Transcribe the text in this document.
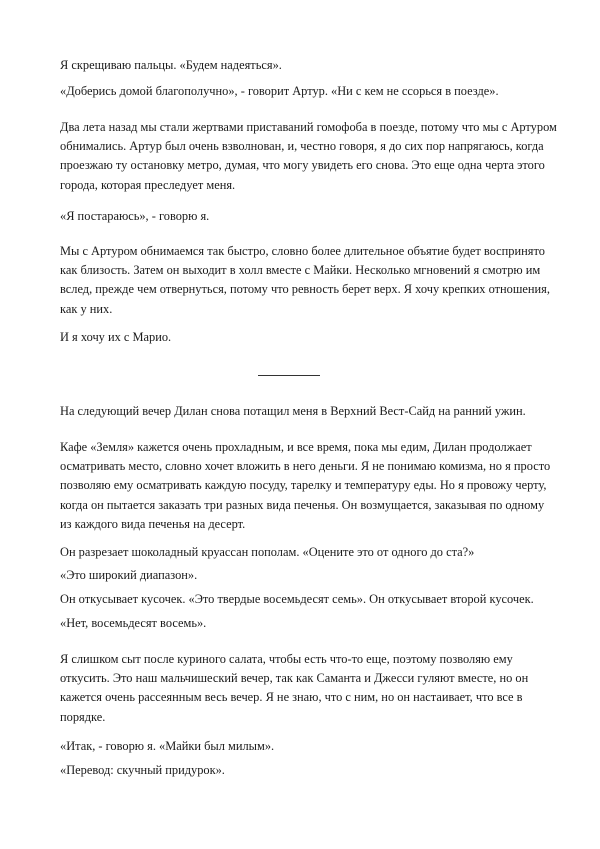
Я скрещиваю пальцы. «Будем надеяться».

«Доберись домой благополучно», - говорит Артур. «Ни с кем не ссорься в поезде».

Два лета назад мы стали жертвами приставаний гомофоба в поезде, потому что мы с Артуром
обнимались. Артур был очень взволнован, и, честно говоря, я до сих пор напрягаюсь, когда
проезжаю ту остановку метро, думая, что могу увидеть его снова. Это еще одна черта этого
города, которая преследует меня.

«Я постараюсь», - говорю я.

Мы с Артуром обнимаемся так быстро, словно более длительное объятие будет воспринято
как близость. Затем он выходит в холл вместе с Майки. Несколько мгновений я смотрю им
вслед, прежде чем отвернуться, потому что ревность берет верх. Я хочу крепких отношения,
как у них.

И я хочу их с Марио.

На следующий вечер Дилан снова потащил меня в Верхний Вест-Сайд на ранний ужин.

Кафе «Земля» кажется очень прохладным, и все время, пока мы едим, Дилан продолжает
осматривать место, словно хочет вложить в него деньги. Я не понимаю комизма, но я просто
позволяю ему осматривать каждую посуду, тарелку и температуру еды. Но я провожу черту,
когда он пытается заказать три разных вида печенья. Он возмущается, заказывая по одному
из каждого вида печенья на десерт.

Он разрезает шоколадный круассан пополам. «Оцените это от одного до ста?»

«Это широкий диапазон».

Он откусывает кусочек. «Это твердые восемьдесят семь». Он откусывает второй кусочек.

«Нет, восемьдесят восемь».

Я слишком сыт после куриного салата, чтобы есть что-то еще, поэтому позволяю ему
откусить. Это наш мальчишеский вечер, так как Саманта и Джесси гуляют вместе, но он
кажется очень рассеянным весь вечер. Я не знаю, что с ним, но он настаивает, что все в
порядке.

«Итак, - говорю я. «Майки был милым».

«Перевод: скучный придурок».
